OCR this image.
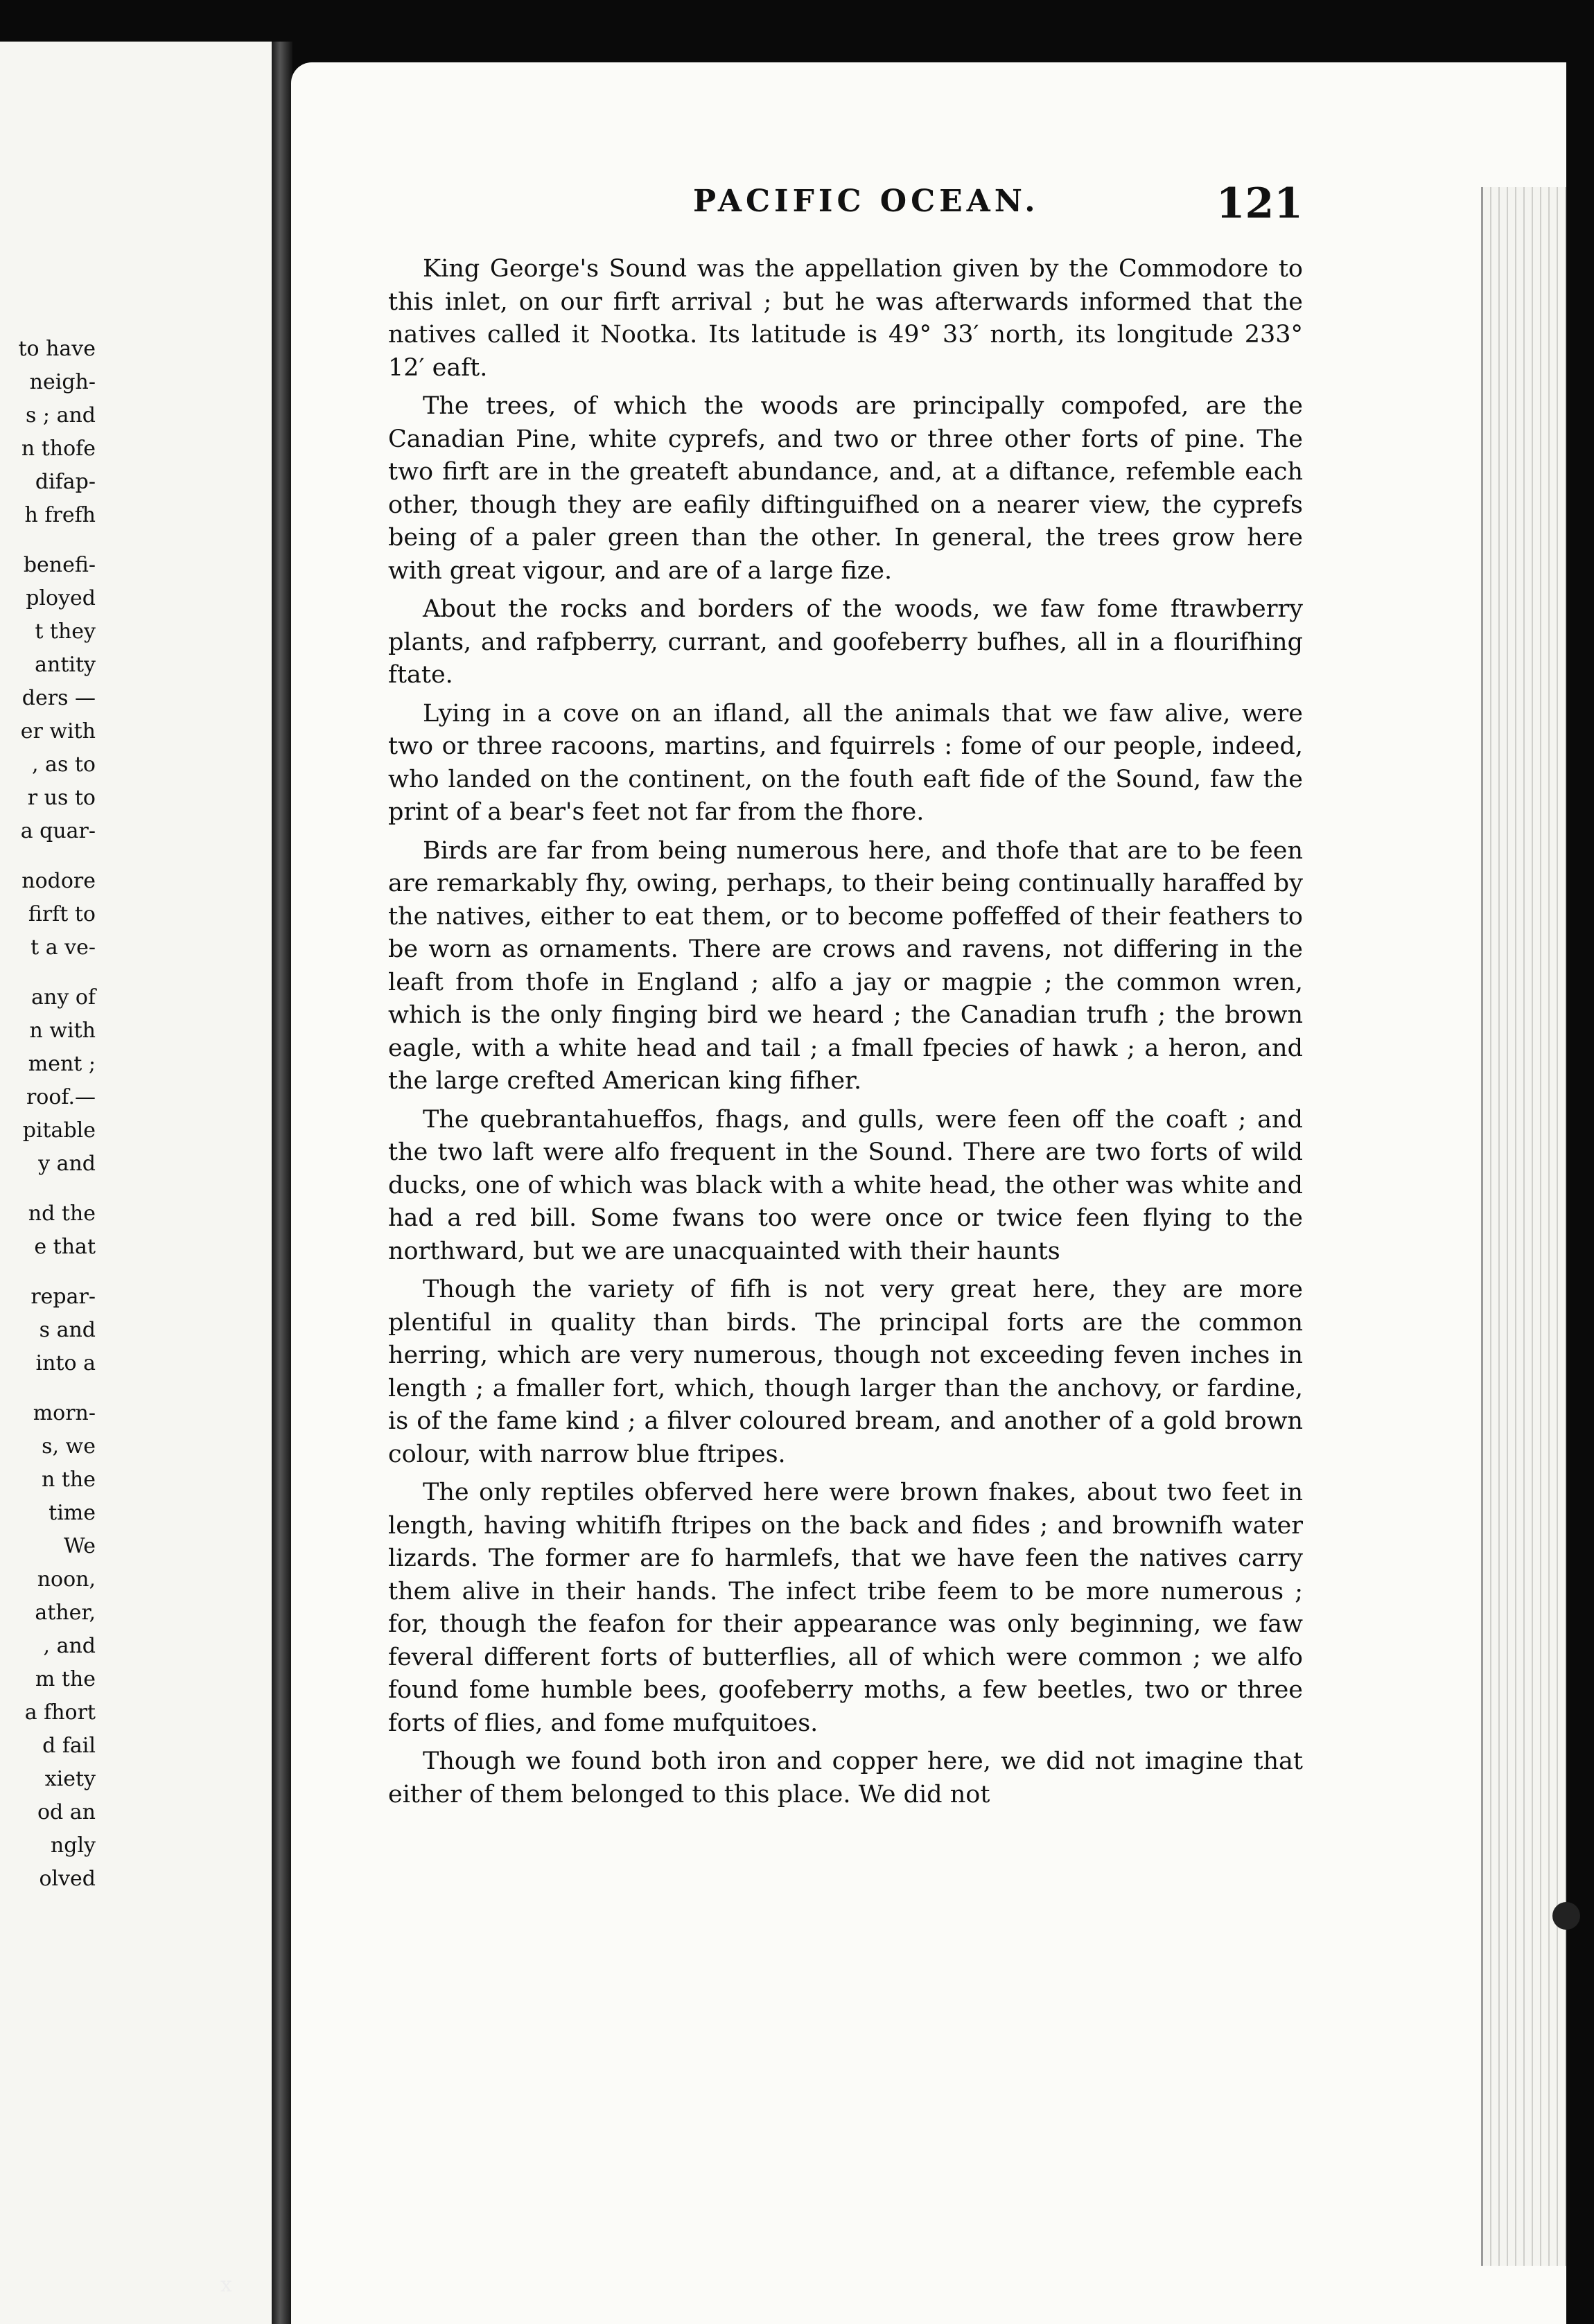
to have
neigh-
s ; and
n thofe
difap-
h frefh
benefi-
ployed
t they
antity
ders —
er with
, as to
r us to
a quar-
nodore
firft to
t a ve-
any of
n with
ment ;
roof.—
pitable
y and
nd the
e that
repar-
s and
into a
morn-
s, we
n the
time
We
noon,
ather,
, and
m the
a fhort
d fail
xiety
od an
ngly
olved
PACIFIC OCEAN.	121

King George's Sound was the appellation given by the Commodore to this inlet, on our firft arrival ; but he was afterwards informed that the natives called it Nootka. Its latitude is 49° 33′ north, its longitude 233° 12′ eaft.

The trees, of which the woods are principally compofed, are the Canadian Pine, white cyprefs, and two or three other forts of pine. The two firft are in the greateft abundance, and, at a diftance, refemble each other, though they are eafily diftinguifhed on a nearer view, the cyprefs being of a paler green than the other. In general, the trees grow here with great vigour, and are of a large fize.

About the rocks and borders of the woods, we faw fome ftrawberry plants, and rafpberry, currant, and goofeberry bufhes, all in a flourifhing ftate.

Lying in a cove on an ifland, all the animals that we faw alive, were two or three racoons, martins, and fquirrels : fome of our people, indeed, who landed on the continent, on the fouth eaft fide of the Sound, faw the print of a bear's feet not far from the fhore.

Birds are far from being numerous here, and thofe that are to be feen are remarkably fhy, owing, perhaps, to their being continually haraffed by the natives, either to eat them, or to become poffeffed of their feathers to be worn as ornaments. There are crows and ravens, not differing in the leaft from thofe in England ; alfo a jay or magpie ; the common wren, which is the only finging bird we heard ; the Canadian trufh ; the brown eagle, with a white head and tail ; a fmall fpecies of hawk ; a heron, and the large crefted American king fifher.

The quebrantahueffos, fhags, and gulls, were feen off the coaft ; and the two laft were alfo frequent in the Sound. There are two forts of wild ducks, one of which was black with a white head, the other was white and had a red bill. Some fwans too were once or twice feen flying to the northward, but we are unacquainted with their haunts

Though the variety of fifh is not very great here, they are more plentiful in quality than birds. The principal forts are the common herring, which are very numerous, though not exceeding feven inches in length ; a fmaller fort, which, though larger than the anchovy, or fardine, is of the fame kind ; a filver coloured bream, and another of a gold brown colour, with narrow blue ftripes.

The only reptiles obferved here were brown fnakes, about two feet in length, having whitifh ftripes on the back and fides ; and brownifh water lizards. The former are fo harmlefs, that we have feen the natives carry them alive in their hands. The infect tribe feem to be more numerous ; for, though the feafon for their appearance was only beginning, we faw feveral different forts of butterflies, all of which were common ; we alfo found fome humble bees, goofeberry moths, a few beetles, two or three forts of flies, and fome mufquitoes.

Though we found both iron and copper here, we did not imagine that either of them belonged to this place. We did not

x
